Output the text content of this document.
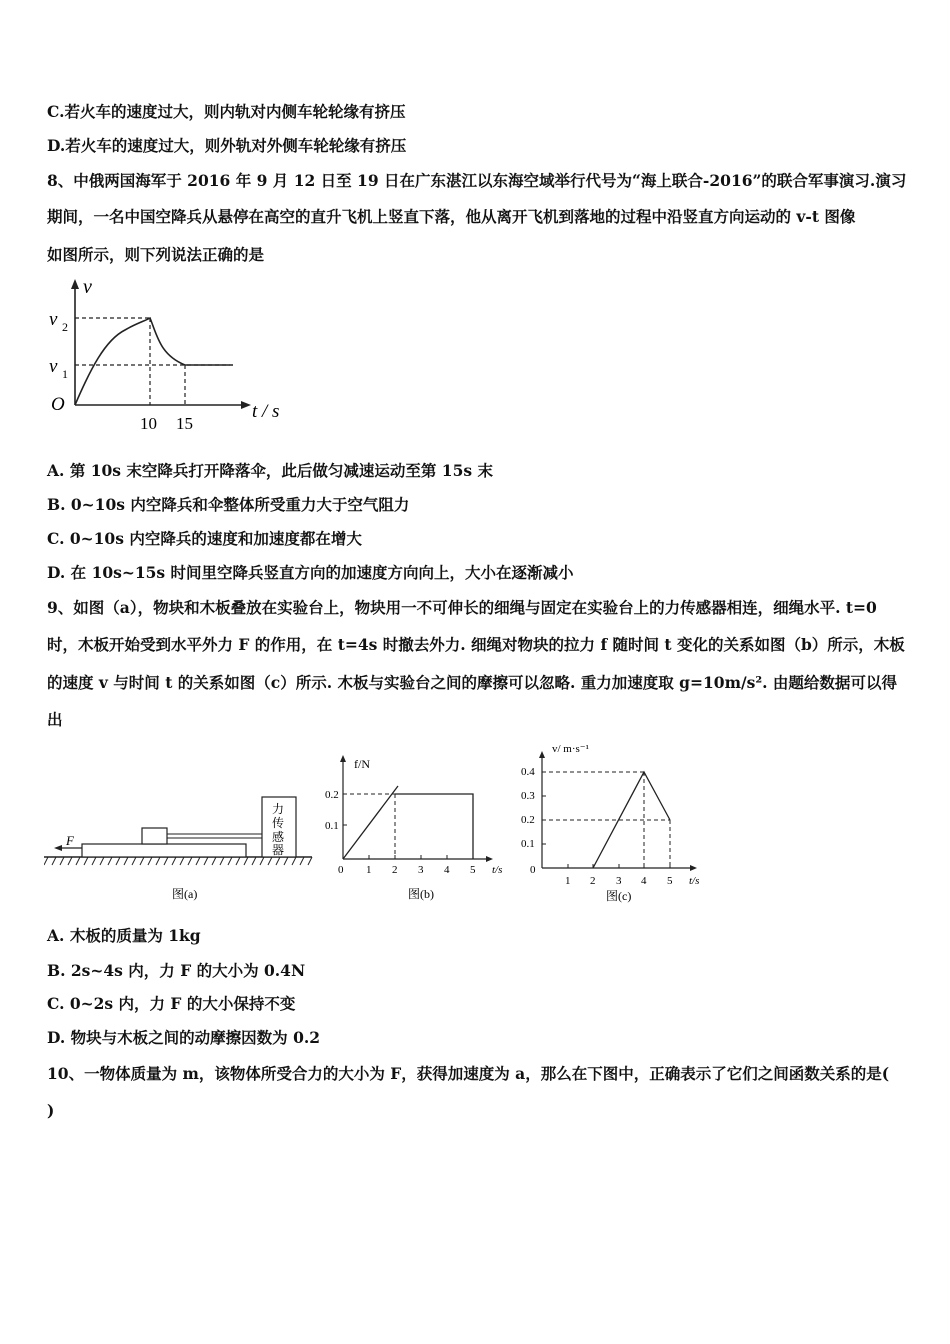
C.若火车的速度过大，则内轨对内侧车轮轮缘有挤压
D.若火车的速度过大，则外轨对外侧车轮轮缘有挤压
8、中俄两国海军于 2016 年 9 月 12 日至 19 日在广东湛江以东海空域举行代号为“海上联合-2016”的联合军事演习.演习
期间，一名中国空降兵从悬停在高空的直升飞机上竖直下落，他从离开飞机到落地的过程中沿竖直方向运动的 v-t 图像
如图所示，则下列说法正确的是
v
v 2
v 1
O
10 15
t / s
A. 第 10s 末空降兵打开降落伞，此后做匀减速运动至第 15s 末
B. 0~10s 内空降兵和伞整体所受重力大于空气阻力
C. 0~10s 内空降兵的速度和加速度都在增大
D. 在 10s~15s 时间里空降兵竖直方向的加速度方向向上，大小在逐渐减小
9、如图（a），物块和木板叠放在实验台上，物块用一不可伸长的细绳与固定在实验台上的力传感器相连，细绳水平. t=0
时，木板开始受到水平外力 F 的作用，在 t=4s 时撤去外力. 细绳对物块的拉力 f 随时间 t 变化的关系如图（b）所示，木板
的速度 v 与时间 t 的关系如图（c）所示. 木板与实验台之间的摩擦可以忽略. 重力加速度取 g=10m/s². 由题给数据可以得
出
F
力
传
感
器
图(a)
f/N
0.1
0.2
0 1 2 3 4 5 t/s
图(b)
v/ m·s⁻¹
0.4
0.3
0.2
0.1
0
1 2 3 4 5 t/s
图(c)
A. 木板的质量为 1kg
B. 2s~4s 内，力 F 的大小为 0.4N
C. 0~2s 内，力 F 的大小保持不变
D. 物块与木板之间的动摩擦因数为 0.2
10、一物体质量为 m，该物体所受合力的大小为 F，获得加速度为 a，那么在下图中，正确表示了它们之间函数关系的是(
)
